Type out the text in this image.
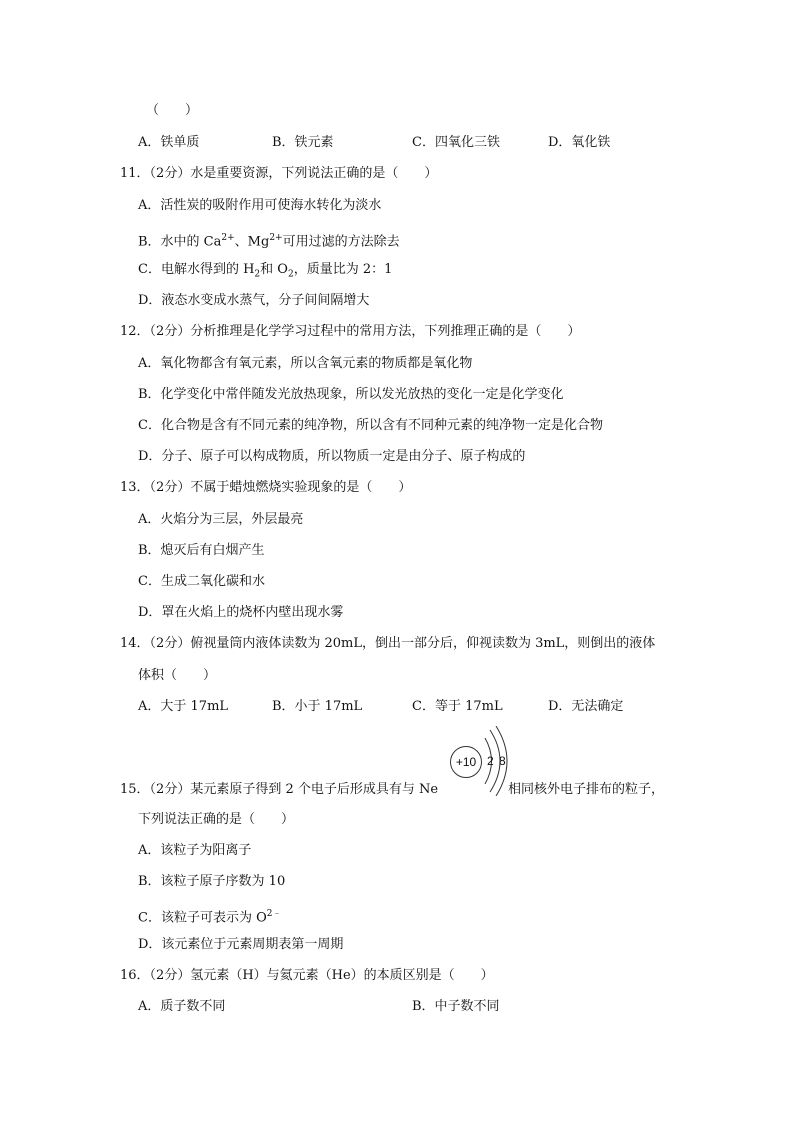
（　　）
A．铁单质	B．铁元素	C．四氧化三铁	D．氧化铁
11．（2分）水是重要资源，下列说法正确的是（　　）
A．活性炭的吸附作用可使海水转化为淡水
B．水中的 $Ca^{2+}$、$Mg^{2+}$可用过滤的方法除去
C．电解水得到的 $H_2$和 $O_2$，质量比为 2：1
D．液态水变成水蒸气，分子间间隔增大
12．（2分）分析推理是化学学习过程中的常用方法，下列推理正确的是（　　）
A．氧化物都含有氧元素，所以含氧元素的物质都是氧化物
B．化学变化中常伴随发光放热现象，所以发光放热的变化一定是化学变化
C．化合物是含有不同元素的纯净物，所以含有不同种元素的纯净物一定是化合物
D．分子、原子可以构成物质，所以物质一定是由分子、原子构成的
13．（2分）不属于蜡烛燃烧实验现象的是（　　）
A．火焰分为三层，外层最亮
B．熄灭后有白烟产生
C．生成二氧化碳和水
D．罩在火焰上的烧杯内壁出现水雾
14．（2分）俯视量筒内液体读数为 20mL，倒出一部分后，仰视读数为 3mL，则倒出的液体
体积（　　）
A．大于 17mL	B．小于 17mL	C．等于 17mL	D．无法确定
+10 2 8
15．（2分）某元素原子得到 2 个电子后形成具有与 Ne	相同核外电子排布的粒子，
下列说法正确的是（　　）
A．该粒子为阳离子
B．该粒子原子序数为 10
C．该粒子可表示为 $O^{2﹣}$
D．该元素位于元素周期表第一周期
16．（2分）氢元素（H）与氦元素（He）的本质区别是（　　）
A．质子数不同	B．中子数不同
